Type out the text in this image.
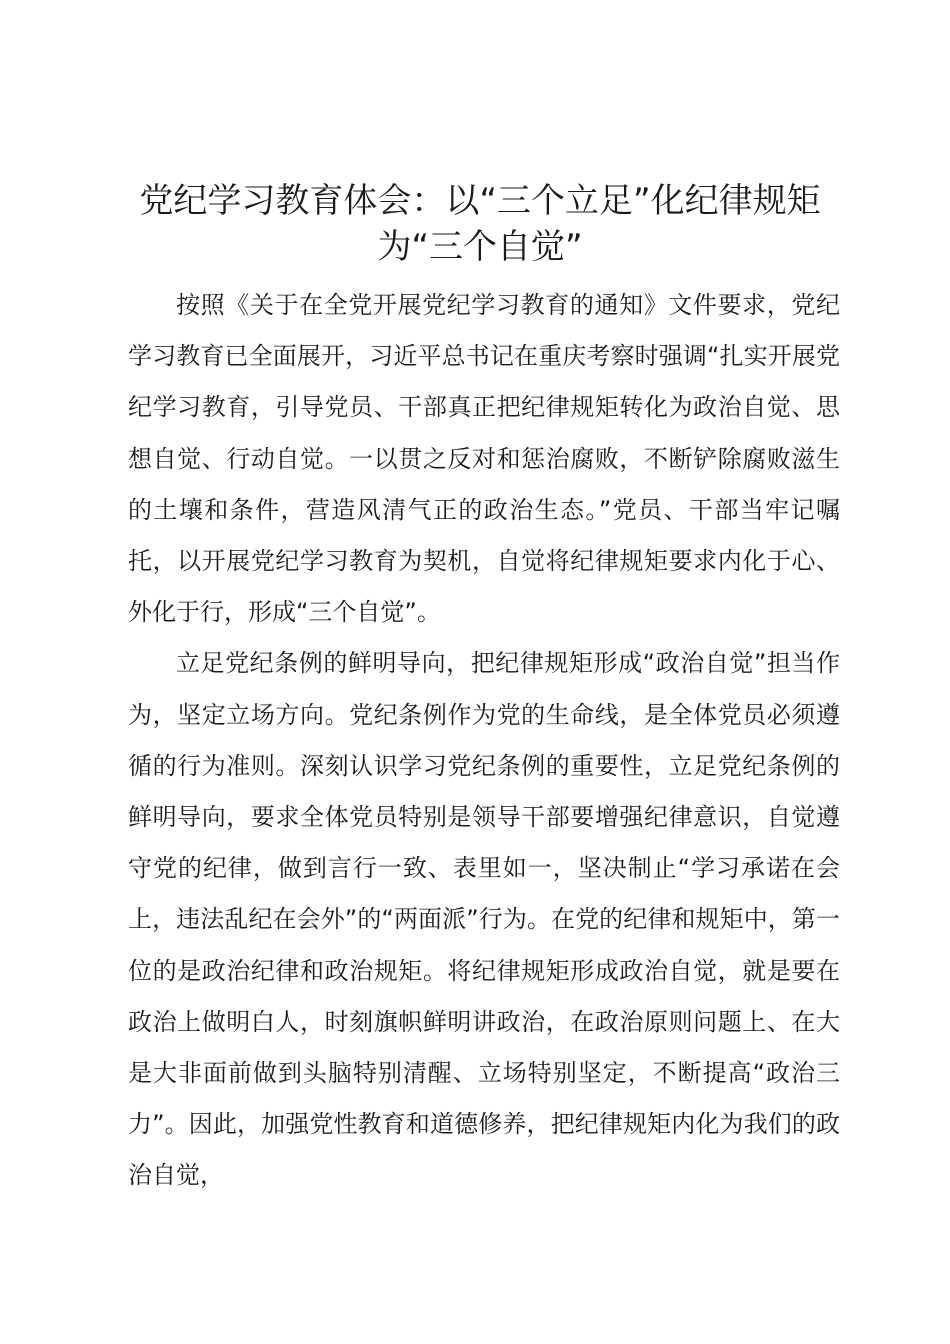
党纪学习教育体会：以“三个立足”化纪律规矩为“三个自觉”

按照《关于在全党开展党纪学习教育的通知》文件要求，党纪学习教育已全面展开，习近平总书记在重庆考察时强调“扎实开展党纪学习教育，引导党员、干部真正把纪律规矩转化为政治自觉、思想自觉、行动自觉。一以贯之反对和惩治腐败，不断铲除腐败滋生的土壤和条件，营造风清气正的政治生态。”党员、干部当牢记嘱托，以开展党纪学习教育为契机，自觉将纪律规矩要求内化于心、外化于行，形成“三个自觉”。

立足党纪条例的鲜明导向，把纪律规矩形成“政治自觉”担当作为，坚定立场方向。党纪条例作为党的生命线，是全体党员必须遵循的行为准则。深刻认识学习党纪条例的重要性，立足党纪条例的鲜明导向，要求全体党员特别是领导干部要增强纪律意识，自觉遵守党的纪律，做到言行一致、表里如一，坚决制止“学习承诺在会上，违法乱纪在会外”的“两面派”行为。在党的纪律和规矩中，第一位的是政治纪律和政治规矩。将纪律规矩形成政治自觉，就是要在政治上做明白人，时刻旗帜鲜明讲政治，在政治原则问题上、在大是大非面前做到头脑特别清醒、立场特别坚定，不断提高“政治三力”。因此，加强党性教育和道德修养，把纪律规矩内化为我们的政治自觉，
